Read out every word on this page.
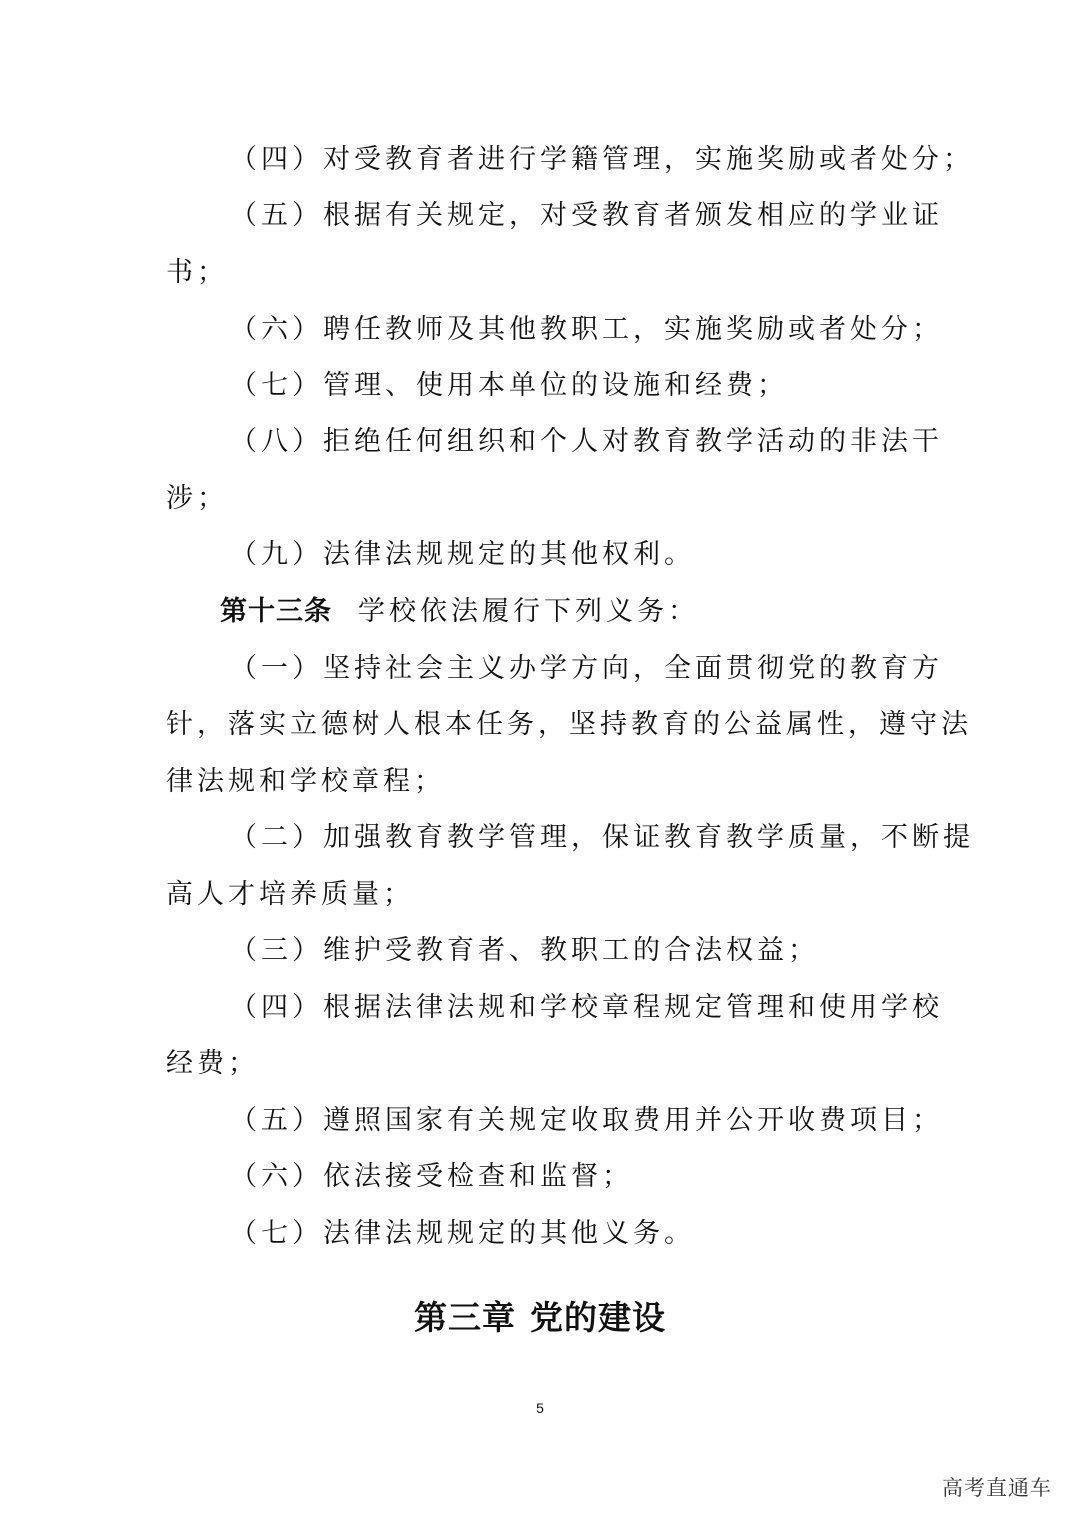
（四）对受教育者进行学籍管理，实施奖励或者处分；
（五）根据有关规定，对受教育者颁发相应的学业证
书；
（六）聘任教师及其他教职工，实施奖励或者处分；
（七）管理、使用本单位的设施和经费；
（八）拒绝任何组织和个人对教育教学活动的非法干
涉；
（九）法律法规规定的其他权利。
第十三条 学校依法履行下列义务：
（一）坚持社会主义办学方向，全面贯彻党的教育方
针，落实立德树人根本任务，坚持教育的公益属性，遵守法
律法规和学校章程；
（二）加强教育教学管理，保证教育教学质量，不断提
高人才培养质量；
（三）维护受教育者、教职工的合法权益；
（四）根据法律法规和学校章程规定管理和使用学校
经费；
（五）遵照国家有关规定收取费用并公开收费项目；
（六）依法接受检查和监督；
（七）法律法规规定的其他义务。
第三章 党的建设
5
高考直通车
